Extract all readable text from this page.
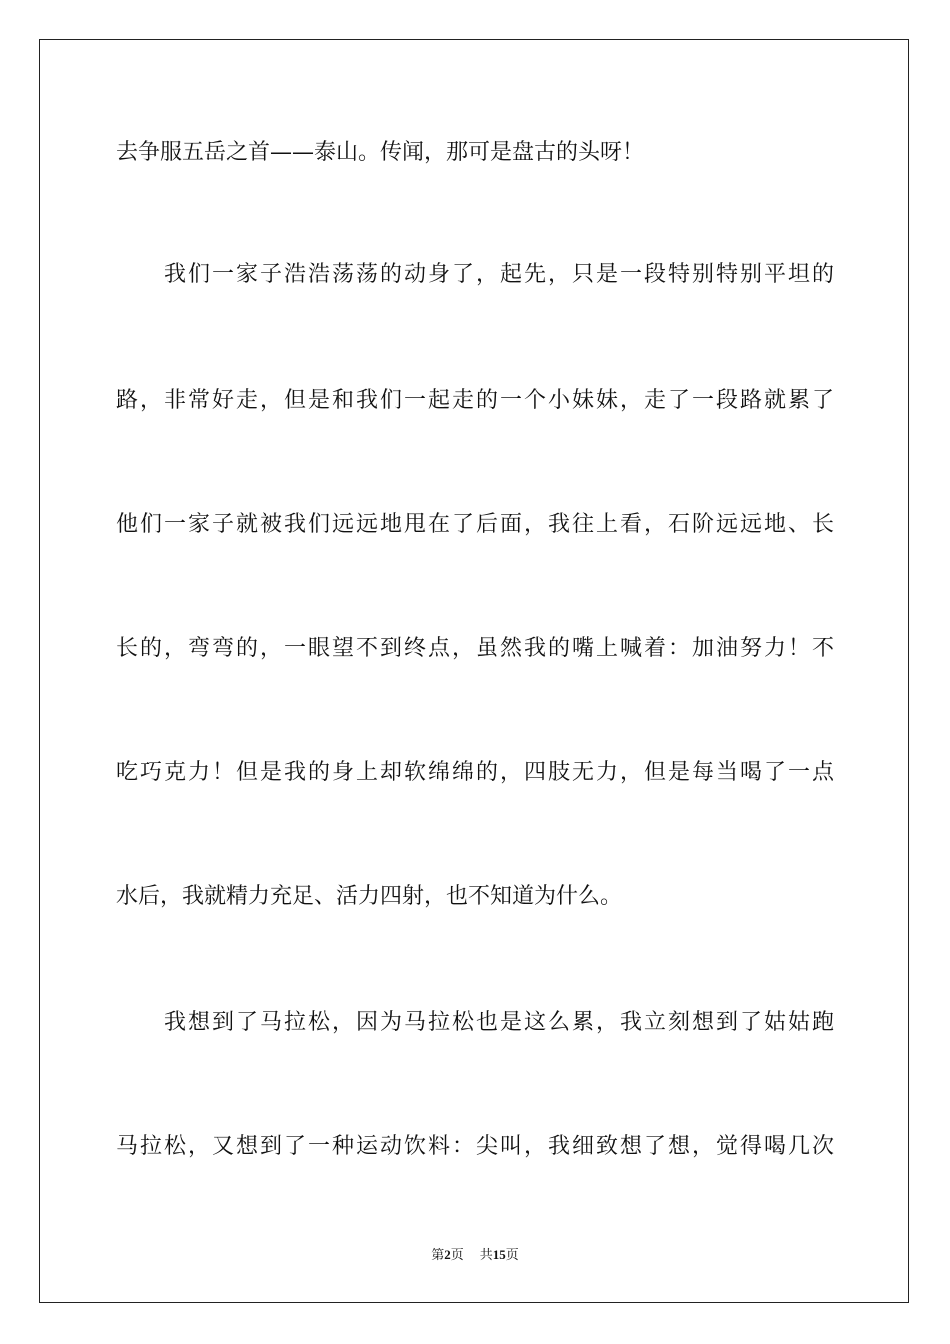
去争服五岳之首——泰山。传闻，那可是盘古的头呀！
我们一家子浩浩荡荡的动身了，起先，只是一段特别特别平坦的
路，非常好走，但是和我们一起走的一个小妹妹，走了一段路就累了
他们一家子就被我们远远地甩在了后面，我往上看，石阶远远地、长
长的，弯弯的，一眼望不到终点，虽然我的嘴上喊着：加油努力！不
吃巧克力！但是我的身上却软绵绵的，四肢无力，但是每当喝了一点
水后，我就精力充足、活力四射，也不知道为什么。
我想到了马拉松，因为马拉松也是这么累，我立刻想到了姑姑跑
马拉松，又想到了一种运动饮料：尖叫，我细致想了想，觉得喝几次
第2页 共15页
